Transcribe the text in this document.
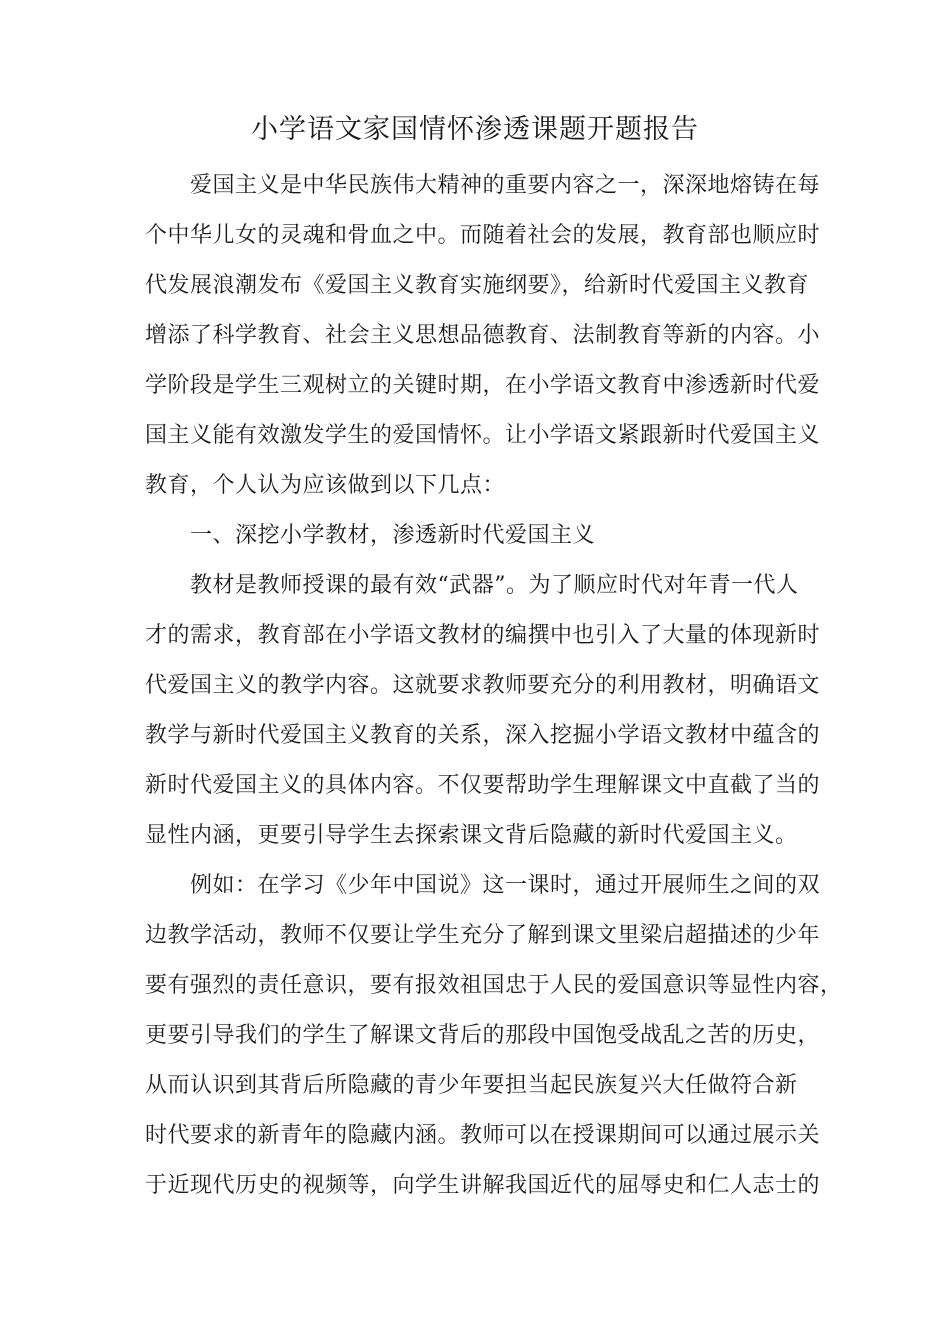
小学语文家国情怀渗透课题开题报告
爱国主义是中华民族伟大精神的重要内容之一，深深地熔铸在每
个中华儿女的灵魂和骨血之中。而随着社会的发展，教育部也顺应时
代发展浪潮发布《爱国主义教育实施纲要》，给新时代爱国主义教育
增添了科学教育、社会主义思想品德教育、法制教育等新的内容。小
学阶段是学生三观树立的关键时期，在小学语文教育中渗透新时代爱
国主义能有效激发学生的爱国情怀。让小学语文紧跟新时代爱国主义
教育，个人认为应该做到以下几点：
一、深挖小学教材，渗透新时代爱国主义
教材是教师授课的最有效“武器”。为了顺应时代对年青一代人
才的需求，教育部在小学语文教材的编撰中也引入了大量的体现新时
代爱国主义的教学内容。这就要求教师要充分的利用教材，明确语文
教学与新时代爱国主义教育的关系，深入挖掘小学语文教材中蕴含的
新时代爱国主义的具体内容。不仅要帮助学生理解课文中直截了当的
显性内涵，更要引导学生去探索课文背后隐藏的新时代爱国主义。
例如：在学习《少年中国说》这一课时，通过开展师生之间的双
边教学活动，教师不仅要让学生充分了解到课文里梁启超描述的少年
要有强烈的责任意识，要有报效祖国忠于人民的爱国意识等显性内容，
更要引导我们的学生了解课文背后的那段中国饱受战乱之苦的历史，
从而认识到其背后所隐藏的青少年要担当起民族复兴大任做符合新
时代要求的新青年的隐藏内涵。教师可以在授课期间可以通过展示关
于近现代历史的视频等，向学生讲解我国近代的屈辱史和仁人志士的
